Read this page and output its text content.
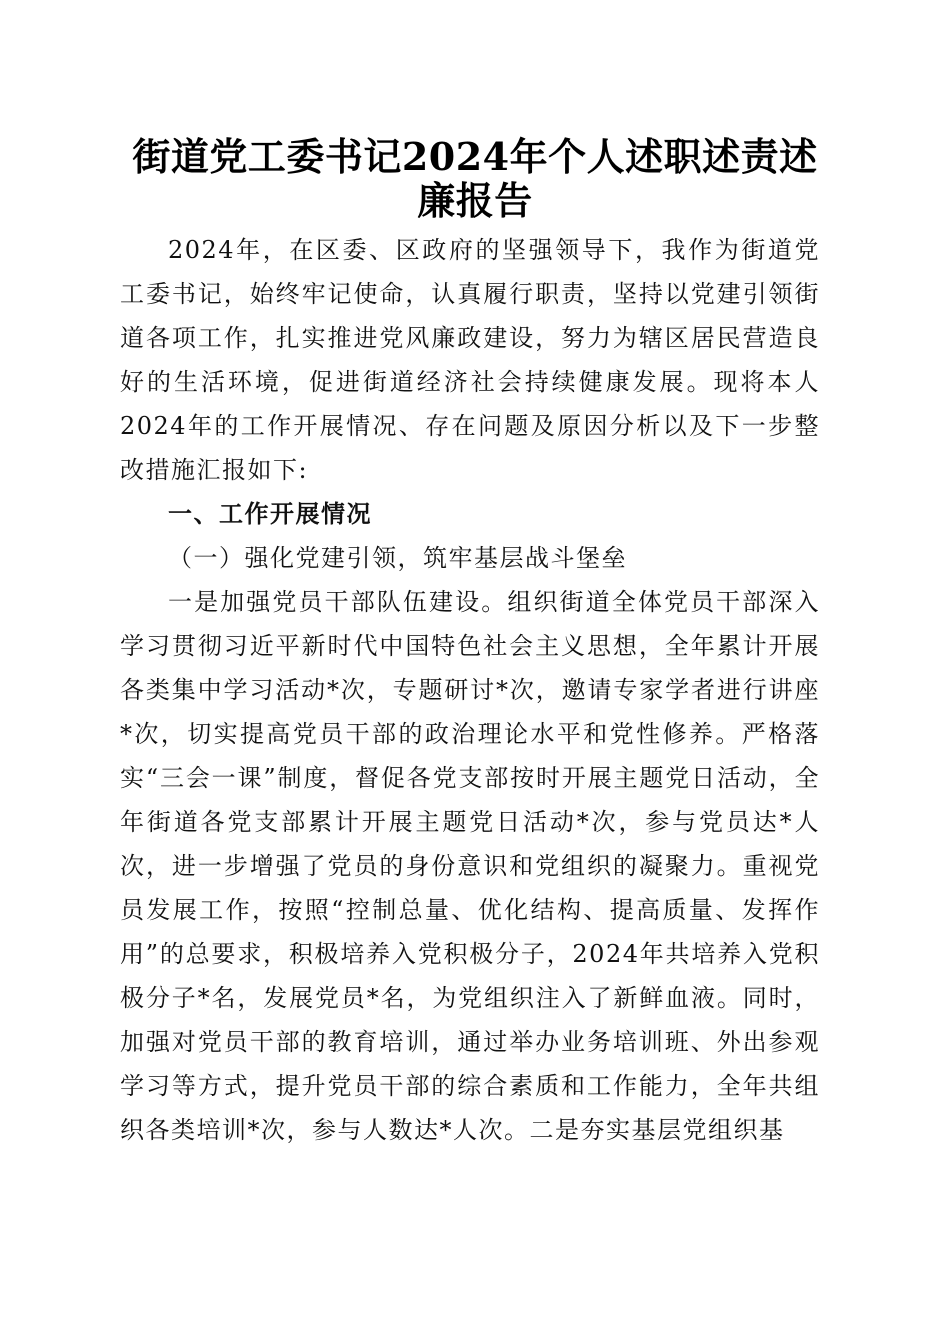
街道党工委书记2024年个人述职述责述廉报告

2024年，在区委、区政府的坚强领导下，我作为街道党工委书记，始终牢记使命，认真履行职责，坚持以党建引领街道各项工作，扎实推进党风廉政建设，努力为辖区居民营造良好的生活环境，促进街道经济社会持续健康发展。现将本人2024年的工作开展情况、存在问题及原因分析以及下一步整改措施汇报如下:

一、工作开展情况

（一）强化党建引领，筑牢基层战斗堡垒

一是加强党员干部队伍建设。组织街道全体党员干部深入学习贯彻习近平新时代中国特色社会主义思想，全年累计开展各类集中学习活动*次，专题研讨*次，邀请专家学者进行讲座*次，切实提高党员干部的政治理论水平和党性修养。严格落实“三会一课”制度，督促各党支部按时开展主题党日活动，全年街道各党支部累计开展主题党日活动*次，参与党员达*人次，进一步增强了党员的身份意识和党组织的凝聚力。重视党员发展工作，按照“控制总量、优化结构、提高质量、发挥作用”的总要求，积极培养入党积极分子，2024年共培养入党积极分子*名，发展党员*名，为党组织注入了新鲜血液。同时，加强对党员干部的教育培训，通过举办业务培训班、外出参观学习等方式，提升党员干部的综合素质和工作能力，全年共组织各类培训*次，参与人数达*人次。二是夯实基层党组织基
